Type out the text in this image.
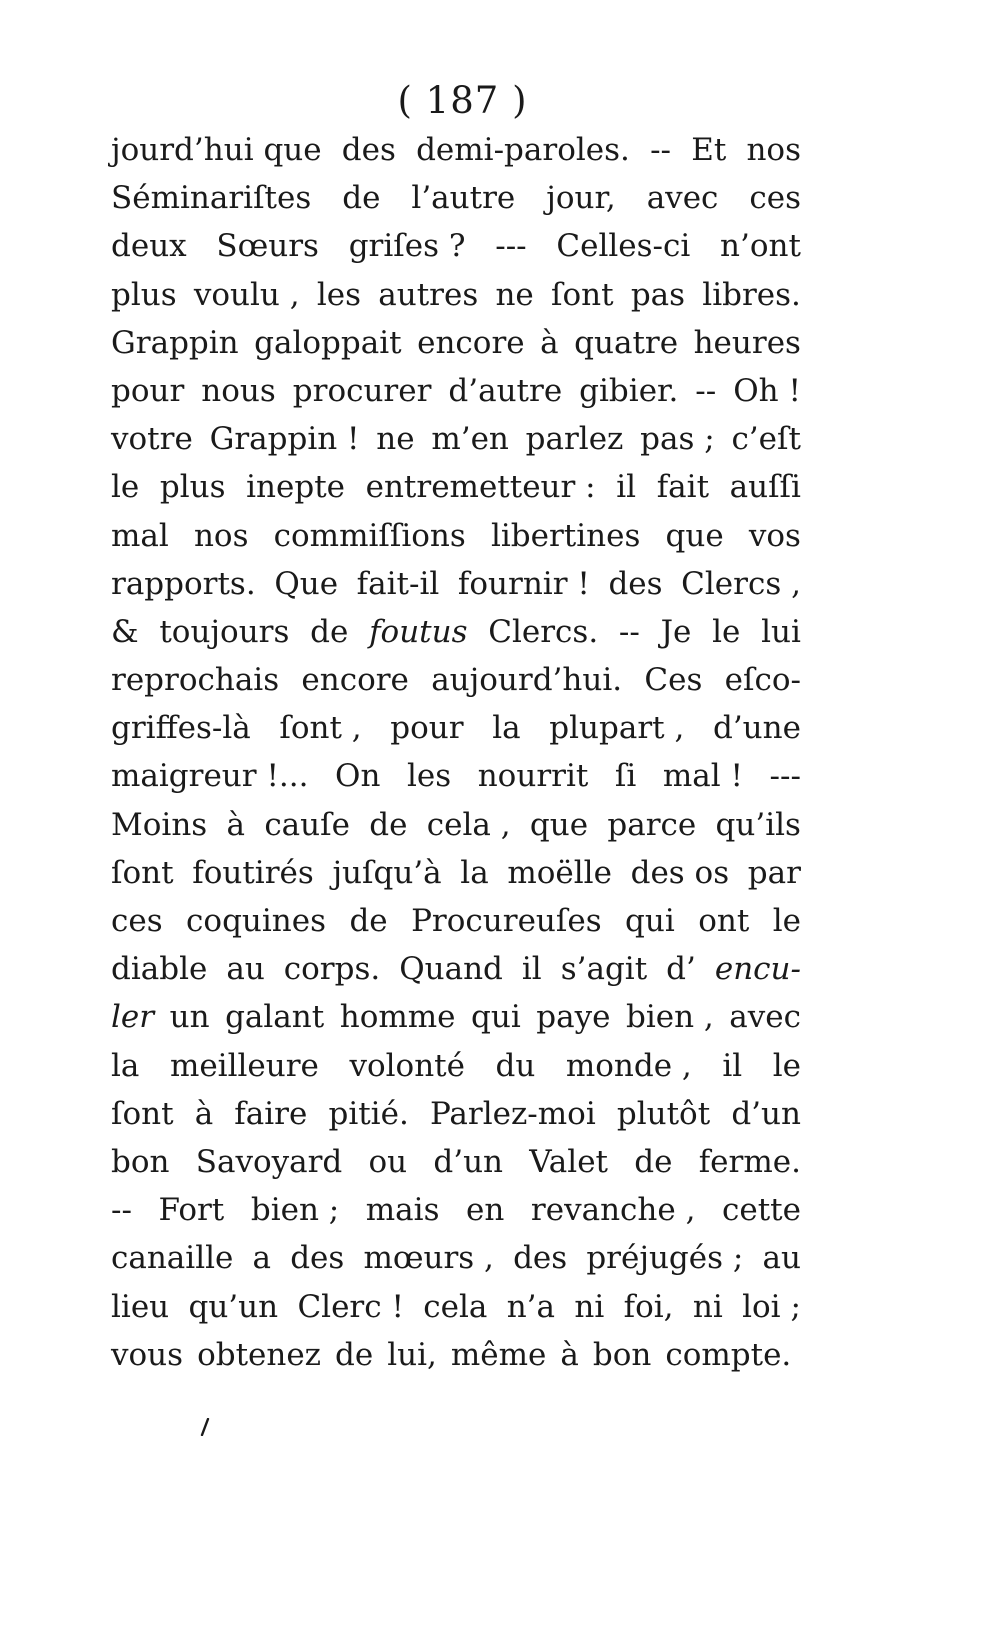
( 187 )
jourd’hui que des demi-paroles. -- Et nos
Séminariſtes de l’autre jour, avec ces
deux Sœurs griſes ? --- Celles-ci n’ont
plus voulu , les autres ne ſont pas libres.
Grappin galoppait encore à quatre heures
pour nous procurer d’autre gibier. -- Oh !
votre Grappin ! ne m’en parlez pas ; c’eſt
le plus inepte entremetteur : il fait auſſi
mal nos commiſſions libertines que vos
rapports. Que fait-il fournir ! des Clercs ,
& toujours de foutus Clercs. -- Je le lui
reprochais encore aujourd’hui. Ces eſco-
griffes-là ſont , pour la plupart , d’une
maigreur !... On les nourrit ſi mal ! ---
Moins à cauſe de cela , que parce qu’ils
ſont foutirés juſqu’à la moëlle des os par
ces coquines de Procureuſes qui ont le
diable au corps. Quand il s’agit d’ encu-
ler un galant homme qui paye bien , avec
la meilleure volonté du monde , il le
ſont à faire pitié. Parlez-moi plutôt d’un
bon Savoyard ou d’un Valet de ferme.
-- Fort bien ; mais en revanche , cette
canaille a des mœurs , des préjugés ; au
lieu qu’un Clerc ! cela n’a ni foi, ni loi ;
vous obtenez de lui, même à bon compte.
